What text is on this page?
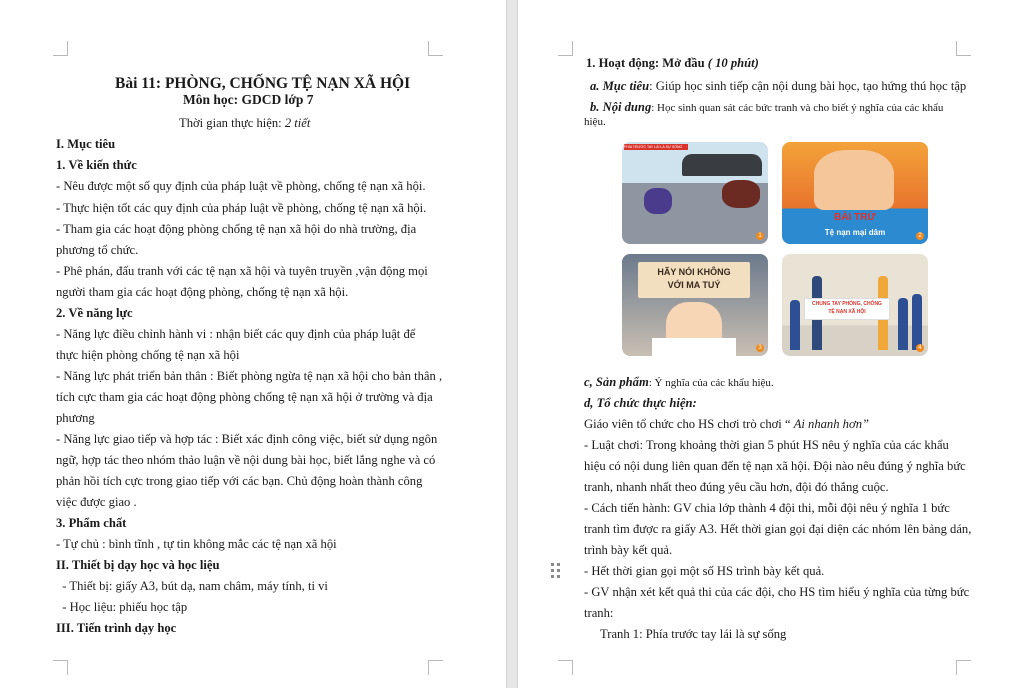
Bài 11: PHÒNG, CHỐNG TỆ NẠN XÃ HỘI
Môn học: GDCD lớp 7
Thời gian thực hiện: 2 tiết
I. Mục tiêu
1. Về kiến thức
- Nêu được một số quy định của pháp luật về phòng, chống tệ nạn xã hội.
- Thực hiện tốt các quy định của pháp luật về phòng, chống tệ nạn xã hội.
- Tham gia các hoạt động phòng chống tệ nạn xã hội do nhà trường, địa
phương tổ chức.
- Phê phán, đấu tranh với các tệ nạn xã hội và tuyên truyền ,vận động mọi
người tham gia các hoạt động phòng, chống tệ nạn xã hội.
2. Về năng lực
- Năng lực điều chỉnh hành vi : nhận biết các quy định của pháp luật để
thực hiện phòng chống tệ nạn xã hội
- Năng lực phát triển bản thân : Biết phòng ngừa tệ nạn xã hội cho bản thân ,
tích cực tham gia các hoạt động phòng chống tệ nạn xã hội ở trường và địa
phương
- Năng lực giao tiếp và hợp tác : Biết xác định công việc, biết sử dụng ngôn
ngữ, hợp tác theo nhóm thảo luận về nội dung bài học, biết lắng nghe và có
phản hồi tích cực trong giao tiếp với các bạn. Chủ động hoàn thành công
việc được giao .
3. Phẩm chất
- Tự chủ : bình tĩnh , tự tin không mắc các tệ nạn xã hội
II. Thiết bị dạy học và học liệu
- Thiết bị: giấy A3, bút dạ, nam châm, máy tính, ti vi
- Học liệu: phiếu học tập
III. Tiến trình dạy học
1. Hoạt động: Mở đầu ( 10 phút)
a. Mục tiêu: Giúp học sinh tiếp cận nội dung bài học, tạo hứng thú học tập
b. Nội dung: Học sinh quan sát các bức tranh và cho biết ý nghĩa của các khẩu
hiệu.
PHÍA TRƯỚC TAY LÁI LÀ SỰ SỐNG
1
BÀI TRỪ
Tệ nạn mại dâm	2
HÃY NÓI KHÔNG
VỚI MA TUÝ
3
CHUNG TAY PHÒNG, CHỐNG
TỆ NẠN XÃ HỘI
4
c, Sản phẩm: Ý nghĩa của các khẩu hiệu.
d, Tổ chức thực hiện:
Giáo viên tổ chức cho HS chơi trò chơi “ Ai nhanh hơn”
- Luật chơi: Trong khoảng thời gian 5 phút HS nêu ý nghĩa của các khẩu
hiệu có nội dung liên quan đến tệ nạn xã hội. Đội nào nêu đúng ý nghĩa bức
tranh, nhanh nhất theo đúng yêu cầu hơn, đội đó thắng cuộc.
- Cách tiến hành: GV chia lớp thành 4 đội thi, mỗi đội nêu ý nghĩa 1 bức
tranh tìm được ra giấy A3. Hết thời gian gọi đại diện các nhóm lên bảng dán,
trình bày kết quả.
- Hết thời gian gọi một số HS trình bày kết quả.
- GV nhận xét kết quả thi của các đội, cho HS tìm hiểu ý nghĩa của từng bức
tranh:
Tranh 1: Phía trước tay lái là sự sống
